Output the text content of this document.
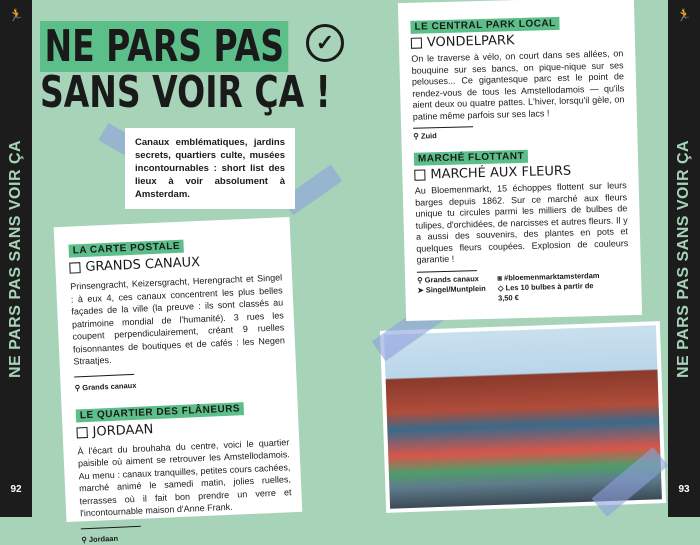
🏃
NE PARS PAS SANS VOIR ÇA
92
🏃
NE PARS PAS SANS VOIR ÇA
93
NE PARS PAS
SANS VOIR ÇA !
✓
Canaux emblématiques, jardins secrets, quartiers culte, musées incontournables : short list des lieux à voir absolument à Amsterdam.
LA CARTE POSTALE
GRANDS CANAUX
Prinsengracht, Keizersgracht, Herengracht et Singel : à eux 4, ces canaux concentrent les plus belles façades de la ville (la preuve : ils sont classés au patrimoine mondial de l'humanité). 3 rues les coupent perpendiculairement, créant 9 ruelles foisonnantes de boutiques et de cafés : les Negen Straatjes.
⚲ Grands canaux
LE QUARTIER DES FLÂNEURS
JORDAAN
À l'écart du brouhaha du centre, voici le quartier paisible où aiment se retrouver les Amstellodamois. Au menu : canaux tranquilles, petites cours cachées, marché animé le samedi matin, jolies ruelles, terrasses où il fait bon prendre un verre et l'incontournable maison d'Anne Frank.
⚲ Jordaan
LE CENTRAL PARK LOCAL
VONDELPARK
On le traverse à vélo, on court dans ses allées, on bouquine sur ses bancs, on pique-nique sur ses pelouses... Ce gigantesque parc est le point de rendez-vous de tous les Amstellodamois — qu'ils aient deux ou quatre pattes. L'hiver, lorsqu'il gèle, on patine même parfois sur ses lacs !
⚲ Zuid
MARCHÉ FLOTTANT
MARCHÉ AUX FLEURS
Au Bloemenmarkt, 15 échoppes flottent sur leurs barges depuis 1862. Sur ce marché aux fleurs unique tu circules parmi les milliers de bulbes de tulipes, d'orchidées, de narcisses et autres fleurs. Il y a aussi des souvenirs, des plantes en pots et quelques fleurs coupées. Explosion de couleurs garantie !
⚲ Grands canaux
➤ Singel/Muntplein
◙ #bloemenmarktamsterdam
◇ Les 10 bulbes à partir de 3,50 €
